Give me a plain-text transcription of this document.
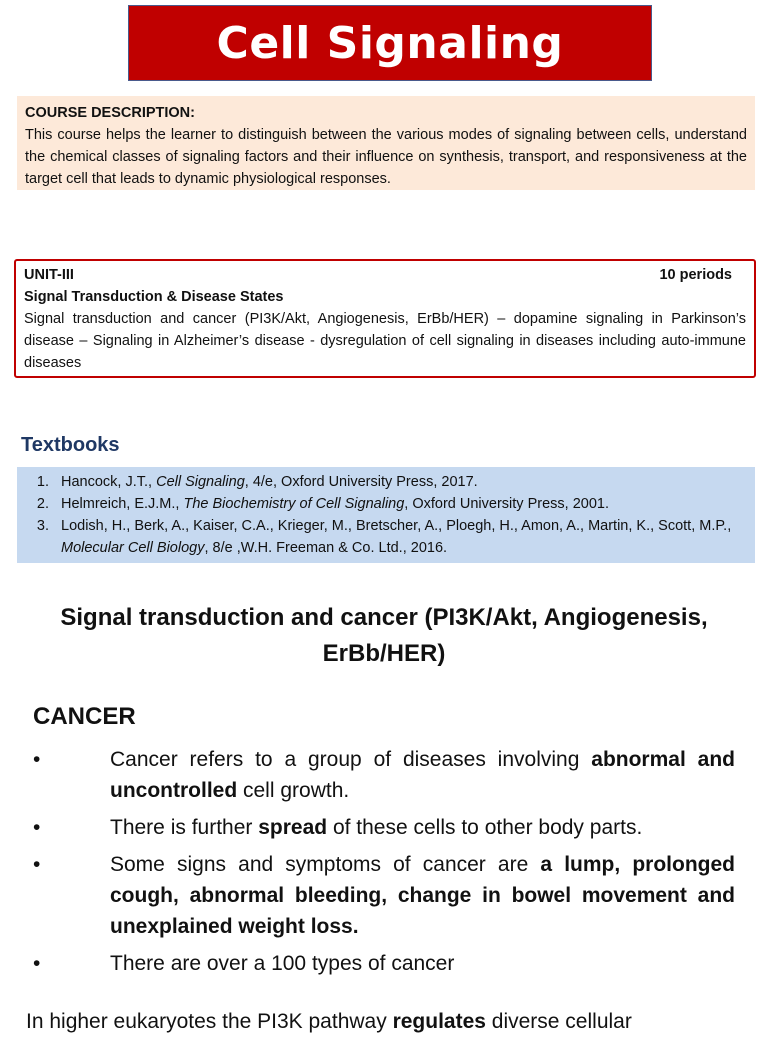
Cell Signaling
COURSE DESCRIPTION:
This course helps the learner to distinguish between the various modes of signaling between cells, understand the chemical classes of signaling factors and their influence on synthesis, transport, and responsiveness at the target cell that leads to dynamic physiological responses.
UNIT-III	10 periods
Signal Transduction & Disease States
Signal transduction and cancer (PI3K/Akt, Angiogenesis, ErBb/HER) – dopamine signaling in Parkinson’s disease – Signaling in Alzheimer’s disease - dysregulation of cell signaling in diseases including auto-immune diseases
Textbooks
1. Hancock, J.T., Cell Signaling, 4/e, Oxford University Press, 2017.
2. Helmreich, E.J.M., The Biochemistry of Cell Signaling, Oxford University Press, 2001.
3. Lodish, H., Berk, A., Kaiser, C.A., Krieger, M., Bretscher, A., Ploegh, H., Amon, A., Martin, K., Scott, M.P., Molecular Cell Biology, 8/e ,W.H. Freeman & Co. Ltd., 2016.
Signal transduction and cancer (PI3K/Akt, Angiogenesis, ErBb/HER)
CANCER
•	Cancer refers to a group of diseases involving abnormal and uncontrolled cell growth.
•	There is further spread of these cells to other body parts.
•	Some signs and symptoms of cancer are a lump, prolonged cough, abnormal bleeding, change in bowel movement and unexplained weight loss.
•	There are over a 100 types of cancer

In higher eukaryotes the PI3K pathway regulates diverse cellular
